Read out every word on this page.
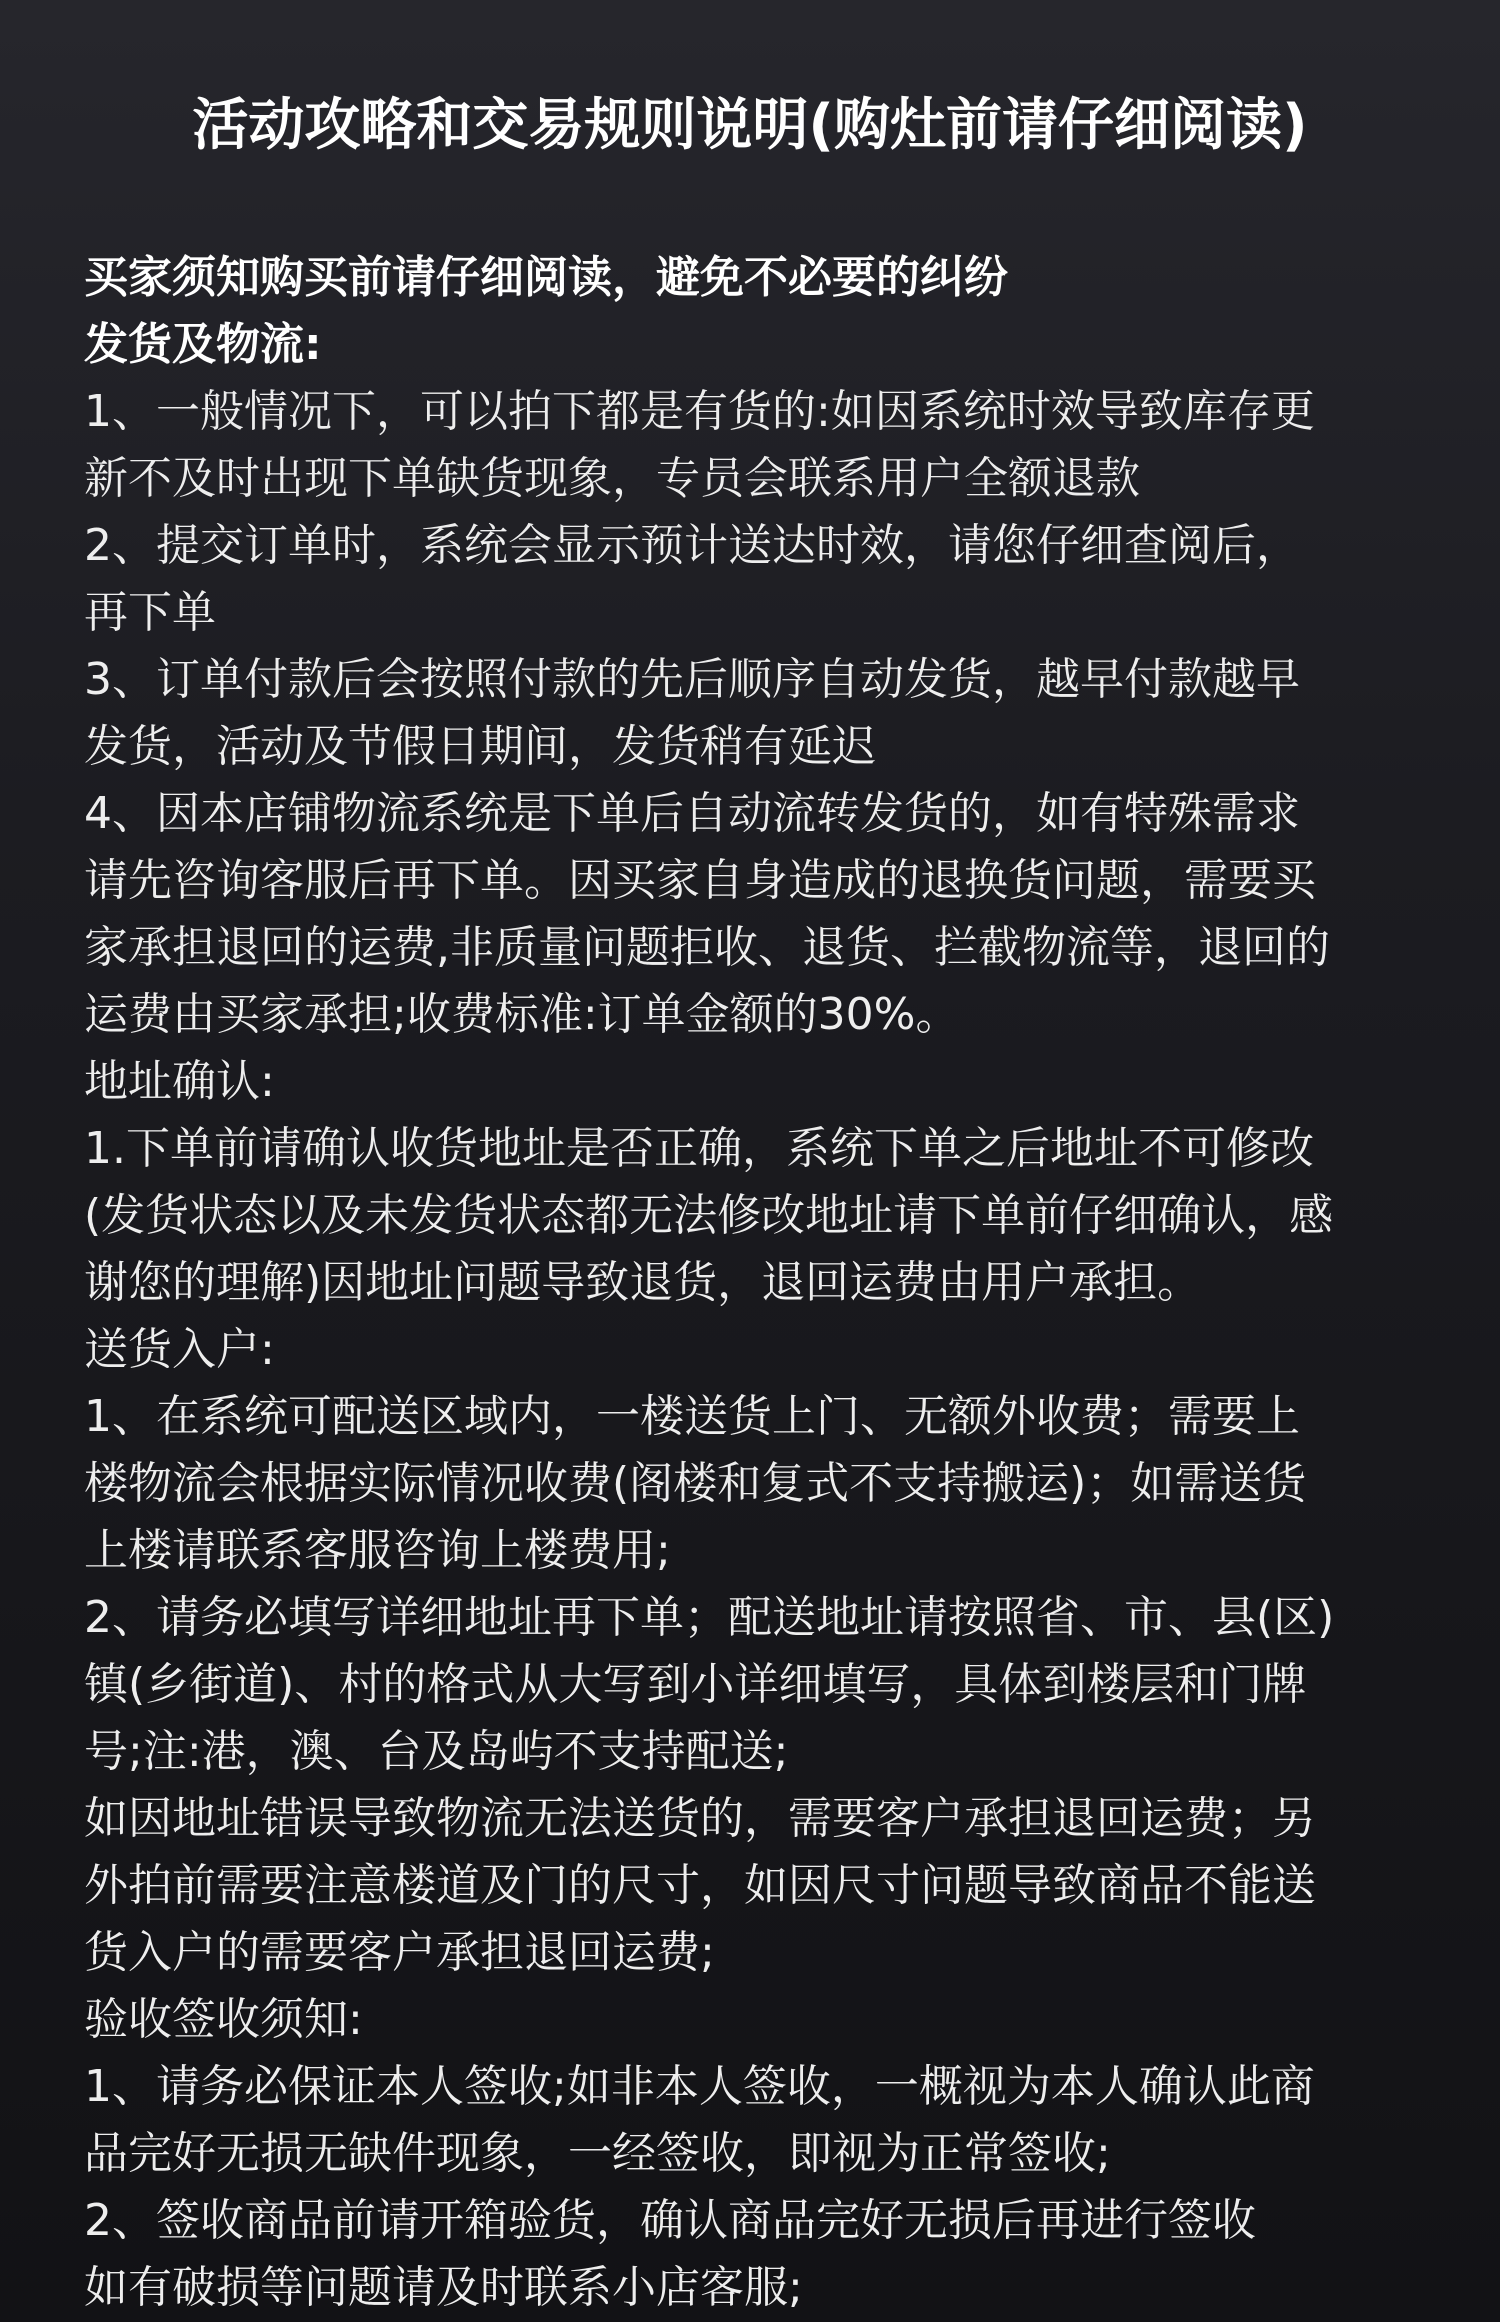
活动攻略和交易规则说明(购灶前请仔细阅读)
买家须知购买前请仔细阅读，避免不必要的纠纷
发货及物流:
1、一般情况下，可以拍下都是有货的:如因系统时效导致库存更
新不及时出现下单缺货现象，专员会联系用户全额退款
2、提交订单时，系统会显示预计送达时效，请您仔细查阅后，
再下单
3、订单付款后会按照付款的先后顺序自动发货，越早付款越早
发货，活动及节假日期间，发货稍有延迟
4、因本店铺物流系统是下单后自动流转发货的，如有特殊需求
请先咨询客服后再下单。因买家自身造成的退换货问题，需要买
家承担退回的运费,非质量问题拒收、退货、拦截物流等，退回的
运费由买家承担;收费标准:订单金额的30%。
地址确认:
1.下单前请确认收货地址是否正确，系统下单之后地址不可修改
(发货状态以及未发货状态都无法修改地址请下单前仔细确认，感
谢您的理解)因地址问题导致退货，退回运费由用户承担。
送货入户:
1、在系统可配送区域内，一楼送货上门、无额外收费；需要上
楼物流会根据实际情况收费(阁楼和复式不支持搬运)；如需送货
上楼请联系客服咨询上楼费用;
2、请务必填写详细地址再下单；配送地址请按照省、市、县(区)
镇(乡街道)、村的格式从大写到小详细填写，具体到楼层和门牌
号;注:港，澳、台及岛屿不支持配送;
如因地址错误导致物流无法送货的，需要客户承担退回运费；另
外拍前需要注意楼道及门的尺寸，如因尺寸问题导致商品不能送
货入户的需要客户承担退回运费;
验收签收须知:
1、请务必保证本人签收;如非本人签收，一概视为本人确认此商
品完好无损无缺件现象，一经签收，即视为正常签收;
2、签收商品前请开箱验货，确认商品完好无损后再进行签收
如有破损等问题请及时联系小店客服;
